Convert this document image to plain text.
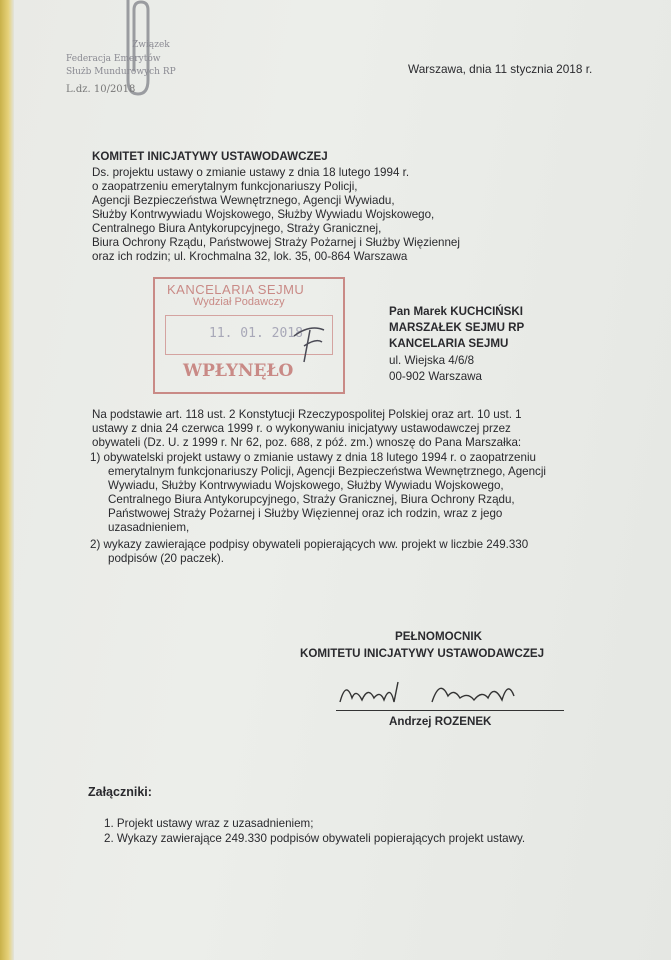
Związek
Federacja Emerytów
Służb Mundurowych RP
L.dz. 10/2018
Warszawa, dnia 11 stycznia 2018 r.
KOMITET INICJATYWY USTAWODAWCZEJ
Ds. projektu ustawy o zmianie ustawy z dnia 18 lutego 1994 r.
o zaopatrzeniu emerytalnym funkcjonariuszy Policji,
Agencji Bezpieczeństwa Wewnętrznego, Agencji Wywiadu,
Służby Kontrwywiadu Wojskowego, Służby Wywiadu Wojskowego,
Centralnego Biura Antykorupcyjnego, Straży Granicznej,
Biura Ochrony Rządu, Państwowej Straży Pożarnej i Służby Więziennej
oraz ich rodzin; ul. Krochmalna 32, lok. 35, 00-864 Warszawa
KANCELARIA SEJMU
Wydział Podawczy
11. 01. 2018
WPŁYNĘŁO
Pan Marek KUCHCIŃSKI
MARSZAŁEK SEJMU RP
KANCELARIA SEJMU
ul. Wiejska 4/6/8
00-902 Warszawa
Na podstawie art. 118 ust. 2 Konstytucji Rzeczypospolitej Polskiej oraz art. 10 ust. 1
ustawy z dnia 24 czerwca 1999 r. o wykonywaniu inicjatywy ustawodawczej przez
obywateli (Dz. U. z 1999 r. Nr 62, poz. 688, z póź. zm.) wnoszę do Pana Marszałka:
1) obywatelski projekt ustawy o zmianie ustawy z dnia 18 lutego 1994 r. o zaopatrzeniu
emerytalnym funkcjonariuszy Policji, Agencji Bezpieczeństwa Wewnętrznego, Agencji
Wywiadu, Służby Kontrwywiadu Wojskowego, Służby Wywiadu Wojskowego,
Centralnego Biura Antykorupcyjnego, Straży Granicznej, Biura Ochrony Rządu,
Państwowej Straży Pożarnej i Służby Więziennej oraz ich rodzin, wraz z jego
uzasadnieniem,
2) wykazy zawierające podpisy obywateli popierających ww. projekt w liczbie 249.330
podpisów (20 paczek).
PEŁNOMOCNIK
KOMITETU INICJATYWY USTAWODAWCZEJ
Andrzej ROZENEK
Załączniki:
1. Projekt ustawy wraz z uzasadnieniem;
2. Wykazy zawierające 249.330 podpisów obywateli popierających projekt ustawy.
